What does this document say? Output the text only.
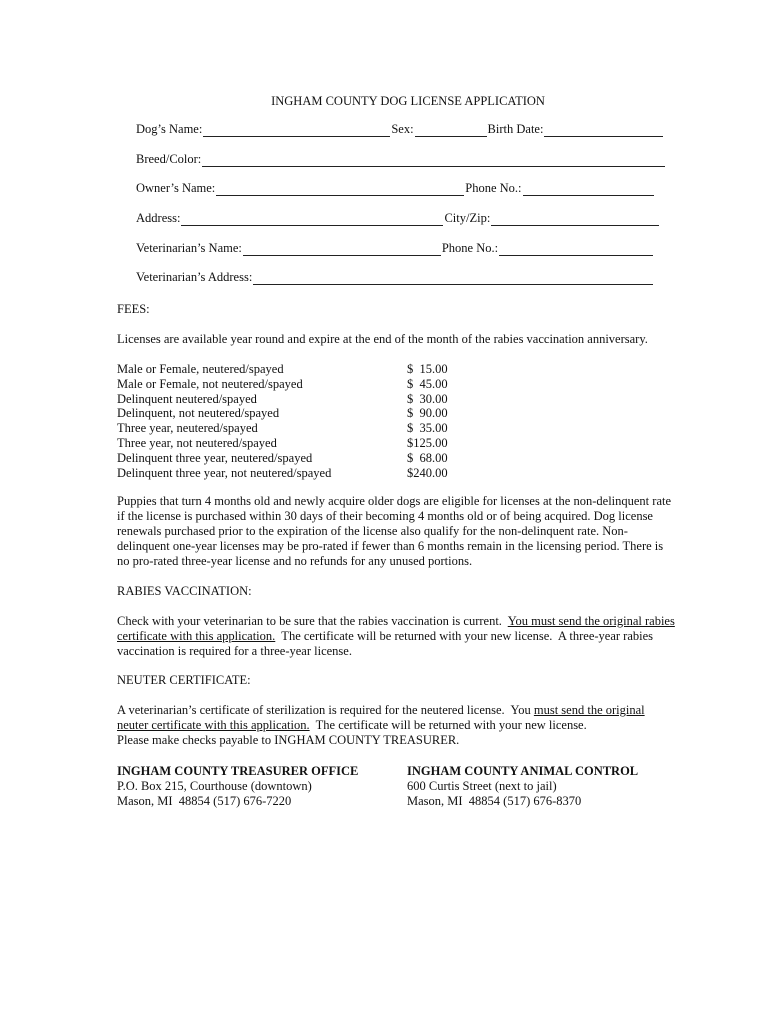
INGHAM COUNTY DOG LICENSE APPLICATION
Dog’s Name:	Sex:	Birth Date:
Breed/Color:
Owner’s Name:	Phone No.:
Address:	City/Zip:
Veterinarian’s Name:	Phone No.:
Veterinarian’s Address:
FEES:
Licenses are available year round and expire at the end of the month of the rabies vaccination anniversary.
Male or Female, neutered/spayed	$  15.00
Male or Female, not neutered/spayed	$  45.00
Delinquent neutered/spayed	$  30.00
Delinquent, not neutered/spayed	$  90.00
Three year, neutered/spayed	$  35.00
Three year, not neutered/spayed	$125.00
Delinquent three year, neutered/spayed	$  68.00
Delinquent three year, not neutered/spayed	$240.00
Puppies that turn 4 months old and newly acquire older dogs are eligible for licenses at the non-delinquent rate if the license is purchased within 30 days of their becoming 4 months old or of being acquired. Dog license renewals purchased prior to the expiration of the license also qualify for the non-delinquent rate. Non-delinquent one-year licenses may be pro-rated if fewer than 6 months remain in the licensing period. There is no pro-rated three-year license and no refunds for any unused portions.
RABIES VACCINATION:
Check with your veterinarian to be sure that the rabies vaccination is current.  You must send the original rabies certificate with this application.  The certificate will be returned with your new license.  A three-year rabies vaccination is required for a three-year license.
NEUTER CERTIFICATE:
A veterinarian’s certificate of sterilization is required for the neutered license.  You must send the original neuter certificate with this application.  The certificate will be returned with your new license.
Please make checks payable to INGHAM COUNTY TREASURER.
INGHAM COUNTY TREASURER OFFICE
P.O. Box 215, Courthouse (downtown)
Mason, MI  48854 (517) 676-7220
INGHAM COUNTY ANIMAL CONTROL
600 Curtis Street (next to jail)
Mason, MI  48854 (517) 676-8370
